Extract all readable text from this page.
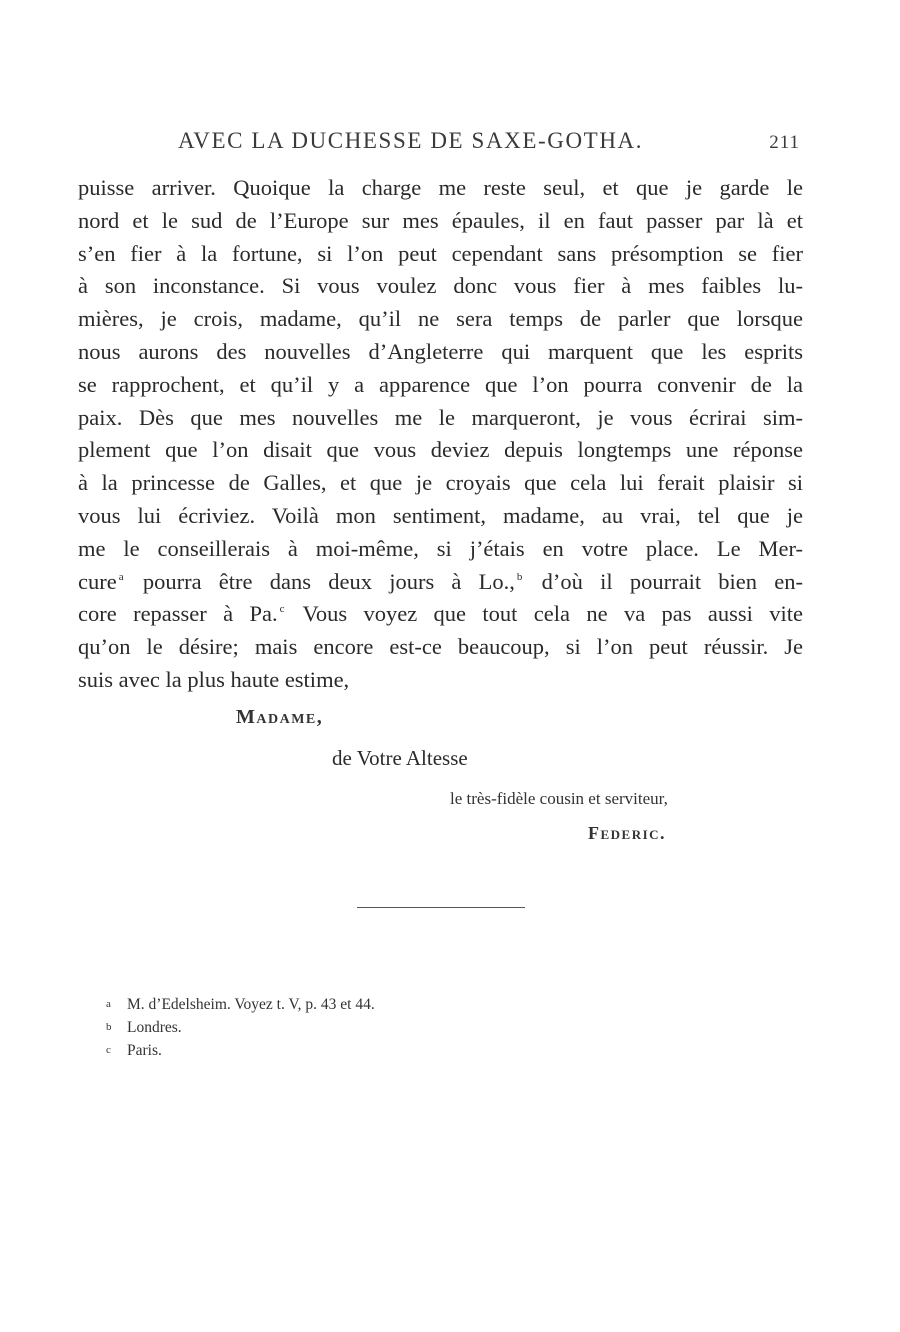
AVEC LA DUCHESSE DE SAXE-GOTHA.	211
puisse arriver. Quoique la charge me reste seul, et que je garde le
nord et le sud de l’Europe sur mes épaules, il en faut passer par là et
s’en fier à la fortune, si l’on peut cependant sans présomption se fier
à son inconstance. Si vous voulez donc vous fier à mes faibles lu-
mières, je crois, madame, qu’il ne sera temps de parler que lorsque
nous aurons des nouvelles d’Angleterre qui marquent que les esprits
se rapprochent, et qu’il y a apparence que l’on pourra convenir de la
paix. Dès que mes nouvelles me le marqueront, je vous écrirai sim-
plement que l’on disait que vous deviez depuis longtemps une réponse
à la princesse de Galles, et que je croyais que cela lui ferait plaisir si
vous lui écriviez. Voilà mon sentiment, madame, au vrai, tel que je
me le conseillerais à moi-même, si j’étais en votre place. Le Mer-
cure $^a$ pourra être dans deux jours à Lo., $^b$ d’où il pourrait bien en-
core repasser à Pa. $^c$ Vous voyez que tout cela ne va pas aussi vite
qu’on le désire; mais encore est-ce beaucoup, si l’on peut réussir. Je
suis avec la plus haute estime,
Madame,
de Votre Altesse
le très-fidèle cousin et serviteur,
Federic.
a M. d’Edelsheim. Voyez t. V, p. 43 et 44.
b Londres.
c Paris.
